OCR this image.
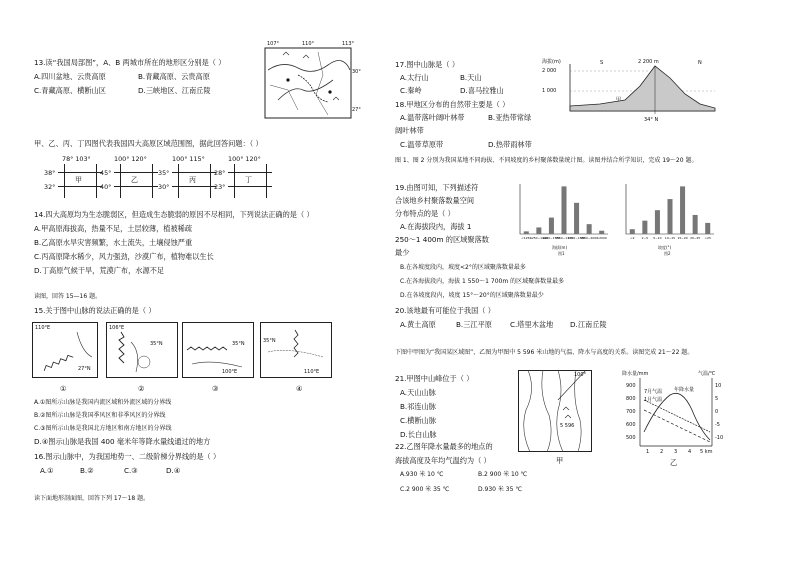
13.读“我国局部图”，A、B 两城市所在的地形区分别是（ ）
A.四川盆地、云贵高原	B.青藏高原、云贵高原
C.青藏高原、横断山区	D.三峡地区、江南丘陵
107°	110°	113°
30°
27°
甲、乙、丙、丁四图代表我国四大高原区域范围图，据此回答问题：（ ）
78° 103°
38°
32°
甲
100° 120°
45°
40°
乙
100° 115°
35°
30°
丙
100° 120°
28°
23°
丁
14.四大高原均为生态脆弱区，但造成生态脆弱的原因不尽相同，下列说法正确的是（ ）
A.甲高原海拔高，热量不足，土层较薄，植被稀疏
B.乙高原水旱灾害频繁，水土流失，土壤侵蚀严重
C.丙高原降水稀少，风力强劲，沙漠广布，植物难以生长
D.丁高原气候干旱，荒漠广布，水源不足
读图，回答 15—16 题。
15.关于图中山脉的说法正确的是（ ）
110°E
27°N
①
106°E
35°N
②
35°N
100°E
③
35°N
110°E
④
A.①图所示山脉是我国内流区域和外流区域的分界线
B.②图所示山脉是我国季风区和非季风区的分界线
C.③图所示山脉是我国北方地区和南方地区的分界线
D.④图示山脉是我国 400 毫米年等降水量线通过的地方
16.图示山脉中，为我国地势一、二级阶梯分界线的是（ ）
A.①	B.②	C.③	D.④
读下面地形剖面图，回答下列 17～18 题。
17.图中山脉是（ ）
A.太行山	B.天山
C.秦岭	D.喜马拉雅山
18.甲地区分布的自然带主要是（ ）
A.温带落叶阔叶林带	B.亚热带常绿
阔叶林带
C.温带草原带	D.热带雨林带
海拔(m)
2 000
1 000
S	2 200 m	N
甲
34° N
图 1、图 2 分别为我国某地不同海拔、不同坡度的乡村聚落数量统计图。读图并结合所学知识，完成 19～20 题。
19.由图可知，下列描述符
合该地乡村聚落数量空间
分布特点的是（ ）
A.在海拔段内，海拔 1
250～1 400m 的区域聚落数
最少
B.在各坡度段内，坡度<2°的区域聚落数量最多
C.在各海拔段内，海拔 1 550～1 700m 的区域聚落数量最多
D.在各坡度段内，坡度 15°～20°的区域聚落数量最少
<1250
1250~1400
1400~1550
1550~1700
1700~1850
1850~2000
>2000
海拔(m)
图1
<2 2~5 5~10 10~15 15~20 20~25 >25
坡度(°)
图2
20.该地最有可能位于我国（ ）
A.黄土高原	B.三江平原	C.塔里木盆地 D.江南丘陵
下图中甲图为“我国某区域图”，乙图为甲图中 5 596 米山地的气温、降水与高度的关系。读图完成 21～22 题。
21.甲图中山峰位于（ ）
A.天山山脉
B.祁连山脉
C.横断山脉
D.长白山脉
22.乙图年降水量最多的地点的
海拔高度及年均气温约为（ ）
A.930 米 10 ℃	B.2 900 米 10 ℃
C.2 900 米 35 ℃	D.930 米 35 ℃
100°
5 596
甲
降水量/mm	气温/℃
900
800
700
600
500
10
5
0
-5
-10
1 2 3 4 5 km
7月气温
1月气温
年降水量
乙
